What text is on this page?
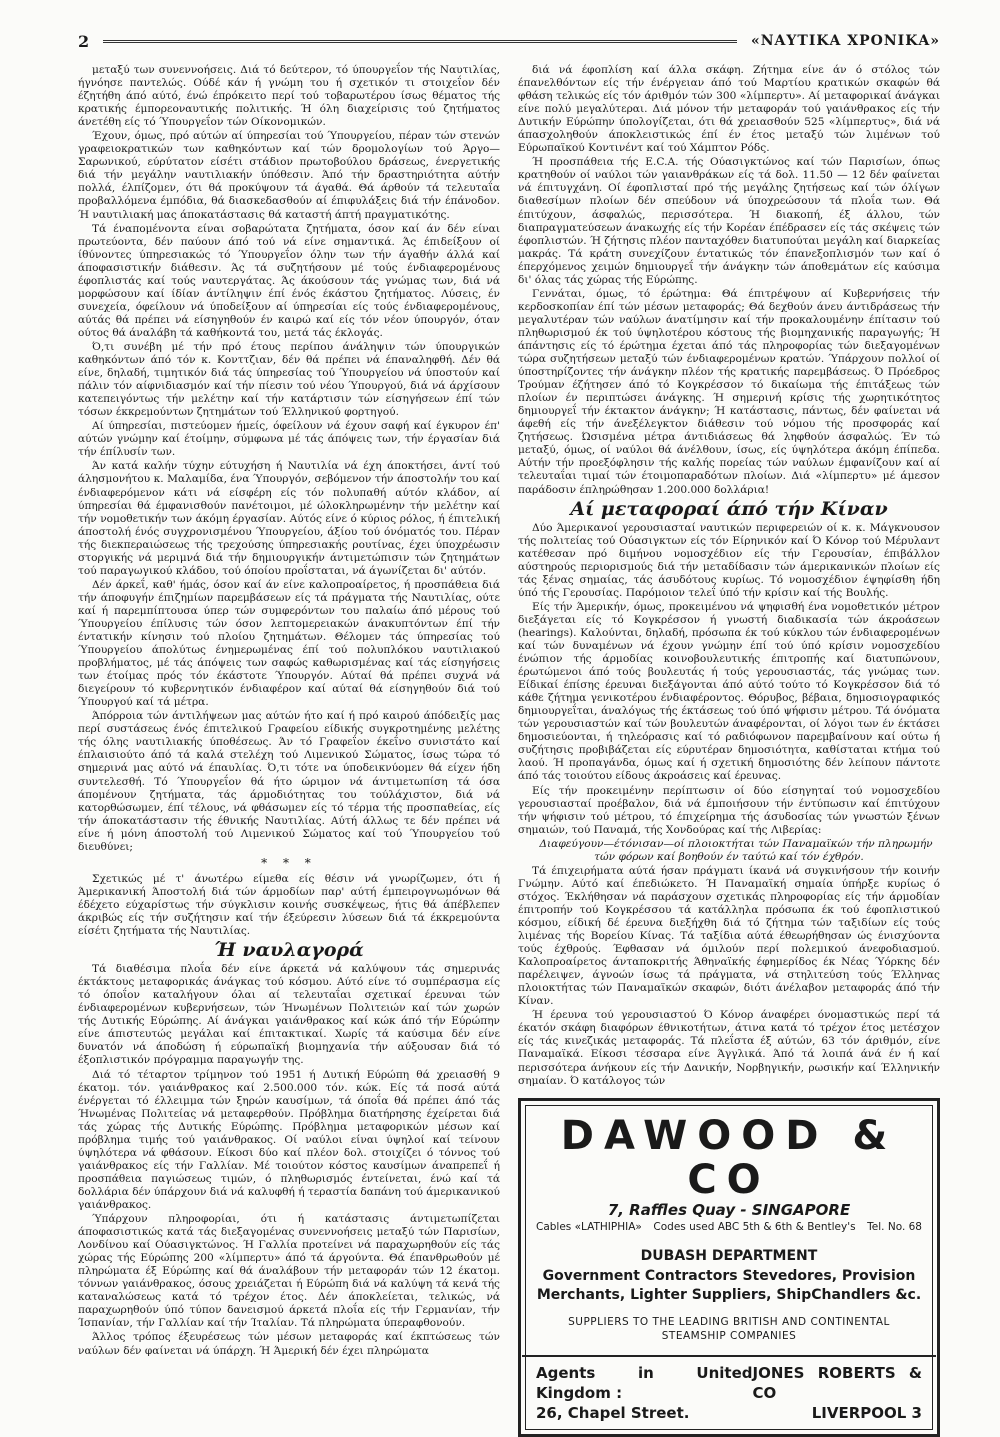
2	«ΝΑΥΤΙΚΑ ΧΡΟΝΙΚΑ»

μεταξύ των συνεννοήσεις. Διά τό δεύτερον, τό ύπουργεΐον τής Ναυτιλίας, ήγνόησε παντελώς. Ούδέ κάν ή γνώμη του ή σχετικόν τι στοιχεΐον δέν έζητήθη άπό αύτό, ένώ έπρόκειτο περί τού τοβαρωτέρου ίσως θέματος τής κρατικής έμπορεοναυτικής πολιτικής. Ή όλη διαχείρισις τού ζητήματος άνετέθη είς τό Ύπουργεΐον τών Οίκονομικών.

Έχουν, όμως, πρό αύτών αί ύπηρεσίαι τού Ύπουργείου, πέραν τών στενών γραφειοκρατικών των καθηκόντων καί τών δρομολογίων τού Άργο—Σαρωνικού, εύρύτατον είσέτι στάδιον πρωτοβούλου δράσεως, ένεργετικής διά τήν μεγάλην ναυτιλιακήν ύπόθεσιν. Άπό τήν δραστηριότητα αύτήν πολλά, έλπίζομεν, ότι θά προκύψουν τά άγαθά. Θά άρθούν τά τελευταΐα προβαλλόμενα έμπόδια, θά διασκεδασθούν αί έπιφυλάξεις διά τήν έπάνοδον. Ή ναυτιλιακή μας άποκατάστασις θά καταστή άπτή πραγματικότης.

Τά έναπομένοντα είναι σοβαρώτατα ζητήματα, όσον καί άν δέν είναι πρωτεύοντα, δέν παύουν άπό τού νά είνε σημαντικά. Άς έπιδείξουν οί ίθύνοντες ύπηρεσιακώς τό Ύπουργεΐον όλην των τήν άγαθήν άλλά καί άποφασιστικήν διάθεσιν. Άς τά συζητήσουν μέ τούς ένδιαφερομένους έφοπλιστάς καί τούς ναυτεργάτας. Άς άκούσουν τάς γνώμας των, διά νά μορφώσουν καί ίδίαν άντίληψιν έπί ένός έκάστου ζητήματος. Λύσεις, έν συνεχεία, όφείλουν νά ύποδείξουν αί ύπηρεσίαι είς τούς ένδιαφερομένους, αύτάς θά πρέπει νά είσηγηθούν έν καιρώ καί είς τόν νέον ύπουργόν, όταν ούτος θά άναλάβη τά καθήκοντά του, μετά τάς έκλογάς.

Ό,τι συνέβη μέ τήν πρό έτους περίπου άνάληψιν τών ύπουργικών καθηκόντων άπό τόν κ. Κονττζιαν, δέν θά πρέπει νά έπαναληφθή. Δέν θά είνε, δηλαδή, τιμητικόν διά τάς ύπηρεσίας τού Ύπουργείου νά ύποστούν καί πάλιν τόν αίφνιδιασμόν καί τήν πίεσιν τού νέου Ύπουργού, διά νά άρχίσουν κατεπειγόντως τήν μελέτην καί τήν κατάρτισιν τών είσηγήσεων έπί τών τόσων έκκρεμούντων ζητημάτων τού Έλληνικού φορτηγού.

Αί ύπηρεσίαι, πιστεύομεν ήμείς, όφείλουν νά έχουν σαφή καί έγκυρον έπ' αύτών γνώμην καί έτοίμην, σύμφωνα μέ τάς άπόψεις των, τήν έργασίαν διά τήν έπίλυσίν των.

Άν κατά καλήν τύχην εύτυχήση ή Ναυτιλία νά έχη άποκτήσει, άντί τού άλησμονήτου κ. Μαλαμίδα, ένα Ύπουργόν, σεβόμενον τήν άποστολήν του καί ένδιαφερόμενον κάτι νά είσφέρη είς τόν πολυπαθή αύτόν κλάδον, αί ύπηρεσίαι θά έμφανισθούν πανέτοιμοι, μέ ώλοκληρωμένην τήν μελέτην καί τήν νομοθετικήν των άκόμη έργασίαν. Αύτός είνε ό κύριος ρόλος, ή έπιτελική άποστολή ένός συγχρονισμένου Ύπουργείου, άξίου τού όνόματός του. Πέραν τής διεκπεραιώσεως τής τρεχούσης ύπηρεσιακής ρουτίνας, έχει ύποχρέωσιν στοργικής νά μεριμνά διά τήν δημιουργικήν άντιμετώπισιν τών ζητημάτων τού παραγωγικού κλάδου, τού όποίου προΐσταται, νά άγωνίζεται δι' αύτόν.

Δέν άρκεΐ, καθ' ήμάς, όσον καί άν είνε καλοπροαίρετος, ή προσπάθεια διά τήν άποφυγήν έπιζημίων παρεμβάσεων είς τά πράγματα τής Ναυτιλίας, ούτε καί ή παρεμπίπτουσα ύπερ τών συμφερόντων του παλαίω άπό μέρους τού Ύπουργείου έπίλυσις τών όσον λεπτομερειακών άνακυπτόντων έπί τήν έντατικήν κίνησιν τού πλοίου ζητημάτων. Θέλομεν τάς ύπηρεσίας τού Ύπουργείου άπολύτως ένημερωμένας έπί τού πολυπλόκου ναυτιλιακού προβλήματος, μέ τάς άπόψεις των σαφώς καθωρισμένας καί τάς είσηγήσεις των έτοίμας πρός τόν έκάστοτε Ύπουργόν. Αύταί θά πρέπει συχνά νά διεγείρουν τό κυβερνητικόν ένδιαφέρον καί αύταί θά είσηγηθούν διά τού Ύπουργού καί τά μέτρα.

Άπόρροια τών άντιλήψεων μας αύτών ήτο καί ή πρό καιρού άπόδειξίς μας περί συστάσεως ένός έπιτελικού Γραφείου είδικής συγκροτημένης μελέτης τής όλης ναυτιλιακής ύποθέσεως. Άν τό Γραφεΐον έκεΐνο συνιστάτο καί έπλαισιούτο άπό τά καλά στελέχη τού Λιμενικού Σώματος, ίσως τώρα τό σημερινά μας αύτό νά έπαυλίας. Ό,τι τότε να ύποδεικνύομεν θά είχεν ήδη συντελεσθή. Τό Ύπουργεΐον θά ήτο ώριμον νά άντιμετωπίση τά όσα άπομένουν ζητήματα, τάς άρμοδιότητας του τούλάχιστον, διά νά κατορθώσωμεν, έπί τέλους, νά φθάσωμεν είς τό τέρμα τής προσπαθείας, είς τήν άποκατάστασιν τής έθνικής Ναυτιλίας. Αύτή άλλως τε δέν πρέπει νά είνε ή μόνη άποστολή τού Λιμενικού Σώματος καί τού Ύπουργείου τού διευθύνει;

* * *

Σχετικώς μέ τ' άνωτέρω είμεθα είς θέσιν νά γνωρίζωμεν, ότι ή Άμερικανική Άποστολή διά τών άρμοδίων παρ' αύτή έμπειρογνωμόνων θά έδέχετο εύχαρίστως τήν σύγκλισιν κοινής συσκέψεως, ήτις θά άπέβλεπεν άκριβώς είς τήν συζήτησιν καί τήν έξεύρεσιν λύσεων διά τά έκκρεμούντα είσέτι ζητήματα τής Ναυτιλίας.

Ή ναυλαγορά

Τά διαθέσιμα πλοΐα δέν είνε άρκετά νά καλύψουν τάς σημερινάς έκτάκτους μεταφορικάς άνάγκας τού κόσμου. Αύτό είνε τό συμπέρασμα είς τό όποΐον καταλήγουν όλαι αί τελευταΐαι σχετικαί έρευναι τών ένδιαφερομένων κυβερνήσεων, τών Ήνωμένων Πολιτειών καί τών χωρών τής Δυτικής Εύρώπης. Αί άνάγκαι γαιάνθρακος καί κώκ άπό τήν Εύρώπην είνε άπιστευτώς μεγάλαι καί έπιτακτικαί. Χωρίς τά καύσιμα δέν είνε δυνατόν νά άποδώση ή εύρωπαϊκή βιομηχανία τήν αύξουσαν διά τό έξοπλιστικόν πρόγραμμα παραγωγήν της.

Διά τό τέταρτον τρίμηνον τού 1951 ή Δυτική Εύρώπη θά χρειασθή 9 έκατομ. τόν. γαιάνθρακος καί 2.500.000 τόν. κώκ. Είς τά ποσά αύτά ένέργεται τό έλλειμμα τών ξηρών καυσίμων, τά όποΐα θά πρέπει άπό τάς Ήνωμένας Πολιτείας νά μεταφερθούν. Πρόβλημα διατήρησης έχείρεται διά τάς χώρας τής Δυτικής Εύρώπης. Πρόβλημα μεταφορικών μέσων καί πρόβλημα τιμής τού γαιάνθρακος. Οί ναύλοι είναι ύψηλοί καί τείνουν ύψηλότερα νά φθάσουν. Είκοσι δύο καί πλέον δολ. στοιχίζει ό τόννος τού γαιάνθρακος είς τήν Γαλλίαν. Μέ τοιούτον κόστος καυσίμων άναπρεπεΐ ή προσπάθεια παγιώσεως τιμών, ό πληθωρισμός έντείνεται, ένώ καί τά δολλάρια δέν ύπάρχουν διά νά καλυφθή ή τεραστία δαπάνη τού άμερικανικού γαιάνθρακος.

Ύπάρχουν πληροφορίαι, ότι ή κατάστασις άντιμετωπίζεται άποφασιστικώς κατά τάς διεξαγομένας συνεννοήσεις μεταξύ τών Παρισίων, Λονδίνου καί Ούασιγκτώνος. Ή Γαλλία προτείνει νά παραχωρηθούν είς τάς χώρας τής Εύρώπης 200 «λίμπερτυ» άπό τά άργούντα. Θά έπανθρωθούν μέ πληρώματα έξ Εύρώπης καί θά άναλάβουν τήν μεταφοράν τών 12 έκατομ. τόννων γαιάνθρακος, όσους χρειάζεται ή Εύρώπη διά νά καλύψη τά κενά τής καταναλώσεως κατά τό τρέχον έτος. Δέν άποκλείεται, τελικώς, νά παραχωρηθούν ύπό τύπον δανεισμού άρκετά πλοΐα είς τήν Γερμανίαν, τήν Ίσπανίαν, τήν Γαλλίαν καί τήν Ίταλίαν. Τά πληρώματα ύπεραφθονούν.

Άλλος τρόπος έξευρέσεως τών μέσων μεταφοράς καί έκπτώσεως τών ναύλων δέν φαίνεται νά ύπάρχη. Ή Άμερική δέν έχει πληρώματα

διά νά έφοπλίση καί άλλα σκάφη. Ζήτημα είνε άν ό στόλος τών έπανελθόντων είς τήν ένέργειαν άπό τού Μαρτίου κρατικών σκαφών θά φθάση τελικώς είς τόν άριθμόν τών 300 «λίμπερτυ». Αί μεταφορικαί άνάγκαι είνε πολύ μεγαλύτεραι. Διά μόνον τήν μεταφοράν τού γαιάνθρακος είς τήν Δυτικήν Εύρώπην ύπολογίζεται, ότι θά χρειασθούν 525 «λίμπερτυς», διά νά άπασχοληθούν άποκλειστικώς έπί έν έτος μεταξύ τών λιμένων τού Εύρωπαϊκού Κοντινέντ καί τού Χάμπτον Ρόδς.

Ή προσπάθεια τής E.C.A. τής Ούασιγκτώνος καί τών Παρισίων, όπως κρατηθούν οί ναύλοι τών γαιανθράκων είς τά δολ. 11.50 — 12 δέν φαίνεται νά έπιτυγχάνη. Οί έφοπλισταί πρό τής μεγάλης ζητήσεως καί τών όλίγων διαθεσίμων πλοίων δέν σπεύδουν νά ύποχρεώσουν τά πλοΐα των. Θά έπιτύχουν, άσφαλώς, περισσότερα. Ή διακοπή, έξ άλλου, τών διαπραγματεύσεων άνακωχής είς τήν Κορέαν έπέδρασεν είς τάς σκέψεις τών έφοπλιστών. Ή ζήτησις πλέον πανταχόθεν διατυπούται μεγάλη καί διαρκείας μακράς. Τά κράτη συνεχίζουν έντατικώς τόν έπανεξοπλισμόν των καί ό έπερχόμενος χειμών δημιουργεΐ τήν άνάγκην τών άποθεμάτων είς καύσιμα δι' όλας τάς χώρας τής Εύρώπης.

Γεννάται, όμως, τό έρώτημα: Θά έπιτρέψουν αί Κυβερνήσεις τήν κερδοσκοπίαν έπί τών μέσων μεταφοράς; Θά δεχθούν άνευ άντιδράσεως τήν μεγαλυτέραν τών ναύλων άνατίμησιν καί τήν προκαλουμένην έπίτασιν τού πληθωρισμού έκ τού ύψηλοτέρου κόστους τής βιομηχανικής παραγωγής; Ή άπάντησις είς τό έρώτημα έχεται άπό τάς πληροφορίας τών διεξαγομένων τώρα συζητήσεων μεταξύ τών ένδιαφερομένων κρατών. Ύπάρχουν πολλοί οί ύποστηρίζοντες τήν άνάγκην πλέον τής κρατικής παρεμβάσεως. Ό Πρόεδρος Τρούμαν έζήτησεν άπό τό Κογκρέσσον τό δικαίωμα τής έπιτάξεως τών πλοίων έν περιπτώσει άνάγκης. Ή σημερινή κρίσις τής χωρητικότητος δημιουργεΐ τήν έκτακτον άνάγκην; Ή κατάστασις, πάντως, δέν φαίνεται νά άφεθή είς τήν άνεξέλεγκτον διάθεσιν τού νόμου τής προσφοράς καί ζητήσεως. Ώσισμένα μέτρα άντιδιάσεως θά ληφθούν άσφαλώς. Έν τώ μεταξύ, όμως, οί ναύλοι θά άνέλθουν, ίσως, είς ύψηλότερα άκόμη έπίπεδα. Αύτήν τήν προεξόφλησιν τής καλής πορείας τών ναύλων έμφανίζουν καί αί τελευταΐαι τιμαί τών έτοιμοπαραδότων πλοίων. Διά «λίμπερτυ» μέ άμεσον παράδοσιν έπληρώθησαν 1.200.000 δολλάρια!

Αί μεταφοραί άπό τήν Κίναν

Δύο Άμερικανοί γερουσιασταί ναυτικών περιφερειών οί κ. κ. Μάγκνουσον τής πολιτείας τού Ούασιγκτων είς τόν Είρηνικόν καί Ό Κόνορ τού Μέρυλαντ κατέθεσαν πρό διμήνου νομοσχέδιον είς τήν Γερουσίαν, έπιβάλλον αύστηρούς περιορισμούς διά τήν μεταδίδασιν τών άμερικανικών πλοίων είς τάς ξένας σημαίας, τάς άσυδότους κυρίως. Τό νομοσχέδιον έψηφίσθη ήδη ύπό τής Γερουσίας. Παρόμοιον τελεΐ ύπό τήν κρίσιν καί τής Βουλής.

Είς τήν Άμερικήν, όμως, προκειμένου νά ψηφισθή ένα νομοθετικόν μέτρον διεξάγεται είς τό Κογκρέσσον ή γνωστή διαδικασία τών άκροάσεων (hearings). Καλούνται, δηλαδή, πρόσωπα έκ τού κύκλου τών ένδιαφερομένων καί τών δυναμένων νά έχουν γνώμην έπί τού ύπό κρίσιν νομοσχεδίου ένώπιον τής άρμοδίας κοινοβουλευτικής έπιτροπής καί διατυπώνουν, έρωτώμενοι άπό τούς βουλευτάς ή τούς γερουσιαστάς, τάς γνώμας των. Είδικαί έπίσης έρευναι διεξάγονται άπό αύτό τούτο τό Κογκρέσσον διά τό κάθε ζήτημα γενικοτέρου ένδιαφέροντος. Θόρυβος, βέβαια, δημοσιογραφικός δημιουργεΐται, άναλόγως τής έκτάσεως τού ύπό ψήφισιν μέτρου. Τά όνόματα τών γερουσιαστών καί τών βουλευτών άναφέρονται, οί λόγοι των έν έκτάσει δημοσιεύονται, ή τηλεόρασις καί τό ραδιόφωνον παρεμβαίνουν καί ούτω ή συζήτησις προβιβάζεται είς εύρυτέραν δημοσιότητα, καθίσταται κτήμα τού λαού. Ή προπαγάνδα, όμως καί ή σχετική δημοσιότης δέν λείπουν πάντοτε άπό τάς τοιούτου είδους άκροάσεις καί έρευνας.

Είς τήν προκειμένην περίπτωσιν οί δύο είσηγηταί τού νομοσχεδίου γερουσιασταί προέβαλον, διά νά έμποιήσουν τήν έντύπωσιν καί έπιτύχουν τήν ψήφισιν τού μέτρου, τό έπιχείρημα τής άσυδοσίας τών γνωστών ξένων σημαιών, τού Παναμά, τής Χονδούρας καί τής Λιβερίας:

Διαφεύγουν—έτόνισαν—οί πλοιοκτήται τών Παναμαϊκών τήν πληρωμήν τών φόρων καί βοηθούν έν ταύτώ καί τόν έχθρόν.

Τά έπιχειρήματα αύτά ήσαν πράγματι ίκανά νά συγκινήσουν τήν κοινήν Γνώμην. Αύτό καί έπεδιώκετο. Ή Παναμαϊκή σημαία ύπήρξε κυρίως ό στόχος. Έκλήθησαν νά παράσχουν σχετικάς πληροφορίας είς τήν άρμοδίαν έπιτροπήν τού Κογκρέσσου τά κατάλληλα πρόσωπα έκ τού έφοπλιστικού κόσμου, είδική δέ έρευνα διεξήχθη διά τό ζήτημα τών ταξιδίων είς τούς λιμένας τής Βορείου Κίνας. Τά ταξίδια αύτά έθεωρήθησαν ώς ένισχύοντα τούς έχθρούς. Έφθασαν νά όμιλούν περί πολεμικού άνεφοδιασμού. Καλοπροαίρετος άνταποκριτής Άθηναϊκής έφημερίδος έκ Νέας Ύόρκης δέν παρέλειψεν, άγνοών ίσως τά πράγματα, νά στηλιτεύση τούς Έλληνας πλοιοκτήτας τών Παναμαϊκών σκαφών, διότι άνέλαβον μεταφοράς άπό τήν Κίναν.

Ή έρευνα τού γερουσιαστού Ό Κόνορ άναφέρει όνομαστικώς περί τά έκατόν σκάφη διαφόρων έθνικοτήτων, άτινα κατά τό τρέχον έτος μετέσχον είς τάς κινεζικάς μεταφοράς. Τά πλεΐστα έξ αύτών, 63 τόν άριθμόν, είνε Παναμαϊκά. Είκοσι τέσσαρα είνε Άγγλικά. Άπό τά λοιπά άνά έν ή καί περισσότερα άνήκουν είς τήν Δανικήν, Νορβηγικήν, ρωσικήν καί Έλληνικήν σημαίαν. Ό κατάλογος τών

DAWOOD & CO
7, Raffles Quay - SINGAPORE
Cables «LATHIPHIA» Codes used ABC 5th & 6th & Bentley's Tel. No. 68
DUBASH DEPARTMENT
Government Contractors Stevedores, Provision
Merchants, Lighter Suppliers, ShipChandlers &c.
SUPPLIERS TO THE LEADING BRITISH AND CONTINENTAL
STEAMSHIP COMPANIES
Agents in United Kingdom :
JONES ROBERTS & CO
26, Chapel Street.	LIVERPOOL 3
